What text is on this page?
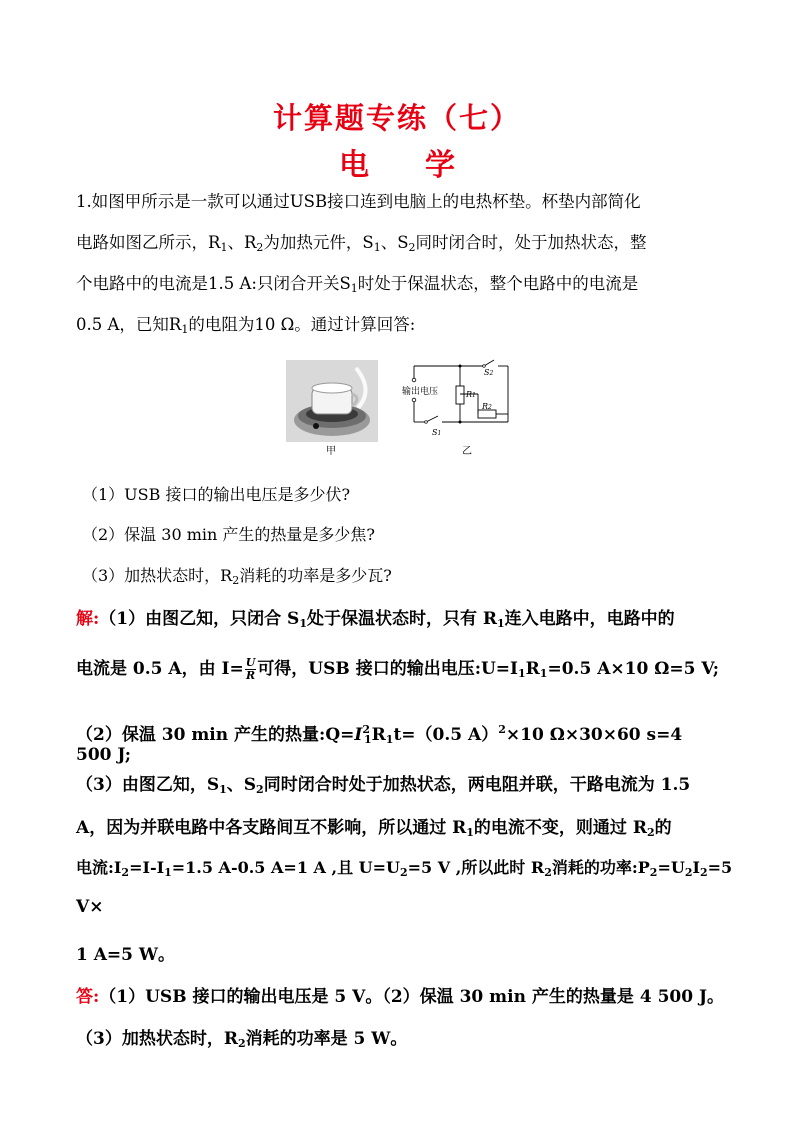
计算题专练（七）
电 学
1.如图甲所示是一款可以通过USB接口连到电脑上的电热杯垫。杯垫内部简化
电路如图乙所示，$R_1$、$R_2$为加热元件，$S_1$、$S_2$同时闭合时，处于加热状态，整
个电路中的电流是1.5 A:只闭合开关$S_1$时处于保温状态，整个电路中的电流是
0.5 A，已知$R_1$的电阻为10 Ω。通过计算回答:
甲
输出电压
S2
R1
R2
S1
乙
（1）USB 接口的输出电压是多少伏?
（2）保温 30 min 产生的热量是多少焦?
（3）加热状态时，$R_2$消耗的功率是多少瓦?
解:（1）由图乙知，只闭合 $S_1$处于保温状态时，只有 $R_1$连入电路中，电路中的
电流是 0.5 A，由 $I= \frac{U}{R}$ 可得，USB 接口的输出电压$:U=I_1R_1=0.5$ A×10 Ω=5 V;
（2）保温 30 min 产生的热量$:Q=I^2_1R_1t=(0.5$ A）$^2$×10 Ω×30×60 s=4 500 J;
（3）由图乙知，$S_1$、$S_2$同时闭合时处于加热状态，两电阻并联，干路电流为 1.5
A，因为并联电路中各支路间互不影响，所以通过 $R_1$的电流不变，则通过 $R_2$的
电流$:I_2=I-I_1=1.5$ A-0.5 A=1 A ,且 $U=U_2=5$ V ,所以此时 $R_2$消耗的功率$:P_2=U_2I_2=5$
V×
1 A=5 W。
答:（1）USB 接口的输出电压是 5 V。（2）保温 30 min 产生的热量是 4 500 J。
（3）加热状态时，$R_2$消耗的功率是 5 W。
